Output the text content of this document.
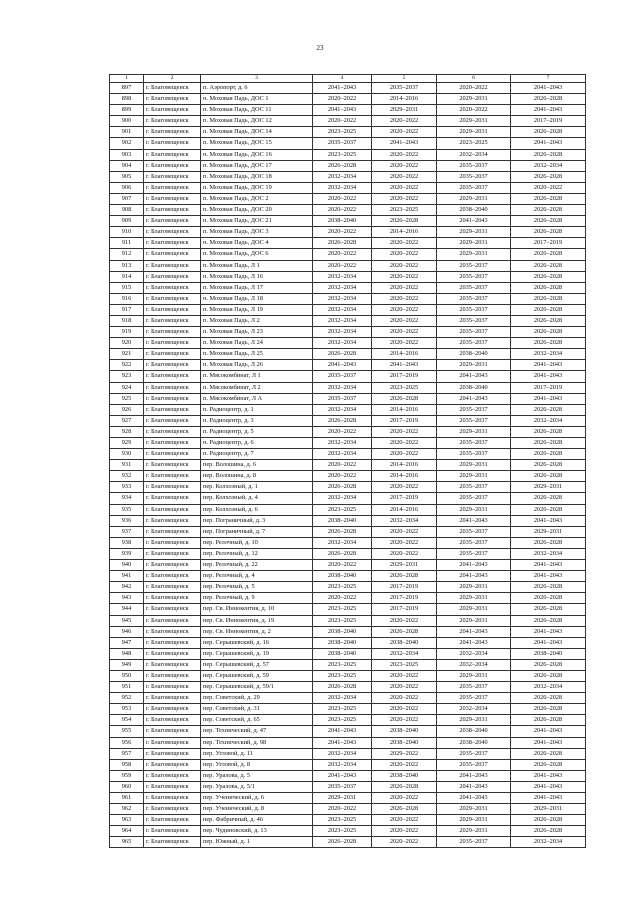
23
1	2	3	4	5	6	7
897	г. Благовещенск	п. Аэропорт, д. 6	2041–2043	2035–2037	2020–2022	2041–2043
898	г. Благовещенск	п. Моховая Падь, ДОС 1	2020–2022	2014–2016	2029–2031	2026–2028
899	г. Благовещенск	п. Моховая Падь, ДОС 11	2041–2043	2029–2031	2020–2022	2041–2043
900	г. Благовещенск	п. Моховая Падь, ДОС 12	2020–2022	2020–2022	2029–2031	2017–2019
901	г. Благовещенск	п. Моховая Падь, ДОС 14	2023–2025	2020–2022	2029–2031	2026–2028
902	г. Благовещенск	п. Моховая Падь, ДОС 15	2035–2037	2041–2043	2023–2025	2041–2043
903	г. Благовещенск	п. Моховая Падь, ДОС 16	2023–2025	2020–2022	2032–2034	2026–2028
904	г. Благовещенск	п. Моховая Падь, ДОС 17	2026–2028	2020–2022	2035–2037	2032–2034
905	г. Благовещенск	п. Моховая Падь, ДОС 18	2032–2034	2020–2022	2035–2037	2026–2028
906	г. Благовещенск	п. Моховая Падь, ДОС 19	2032–2034	2020–2022	2035–2037	2020–2022
907	г. Благовещенск	п. Моховая Падь, ДОС 2	2020–2022	2020–2022	2029–2031	2026–2028
908	г. Благовещенск	п. Моховая Падь, ДОС 20	2020–2022	2023–2025	2038–2040	2026–2028
909	г. Благовещенск	п. Моховая Падь, ДОС 21	2038–2040	2026–2028	2041–2043	2026–2028
910	г. Благовещенск	п. Моховая Падь, ДОС 3	2020–2022	2014–2016	2029–2031	2026–2028
911	г. Благовещенск	п. Моховая Падь, ДОС 4	2026–2028	2020–2022	2029–2031	2017–2019
912	г. Благовещенск	п. Моховая Падь, ДОС 6	2020–2022	2020–2022	2029–2031	2026–2028
913	г. Благовещенск	п. Моховая Падь, Л 1	2020–2022	2020–2022	2035–2037	2026–2028
914	г. Благовещенск	п. Моховая Падь, Л 16	2032–2034	2020–2022	2035–2037	2026–2028
915	г. Благовещенск	п. Моховая Падь, Л 17	2032–2034	2020–2022	2035–2037	2026–2028
916	г. Благовещенск	п. Моховая Падь, Л 18	2032–2034	2020–2022	2035–2037	2026–2028
917	г. Благовещенск	п. Моховая Падь, Л 19	2032–2034	2020–2022	2035–2037	2026–2028
918	г. Благовещенск	п. Моховая Падь, Л 2	2032–2034	2020–2022	2035–2037	2026–2028
919	г. Благовещенск	п. Моховая Падь, Л 23	2032–2034	2020–2022	2035–2037	2026–2028
920	г. Благовещенск	п. Моховая Падь, Л 24	2032–2034	2020–2022	2035–2037	2026–2028
921	г. Благовещенск	п. Моховая Падь, Л 25	2026–2028	2014–2016	2038–2040	2032–2034
922	г. Благовещенск	п. Моховая Падь, Л 26	2041–2043	2041–2043	2029–2031	2041–2043
923	г. Благовещенск	п. Мясокомбинат, Л 1	2035–2037	2017–2019	2041–2043	2041–2043
924	г. Благовещенск	п. Мясокомбинат, Л 2	2032–2034	2023–2025	2038–2040	2017–2019
925	г. Благовещенск	п. Мясокомбинат, Л А	2035–2037	2026–2028	2041–2043	2041–2043
926	г. Благовещенск	п. Радиоцентр, д. 1	2032–2034	2014–2016	2035–2037	2026–2028
927	г. Благовещенск	п. Радиоцентр, д. 3	2026–2028	2017–2019	2035–2037	2032–2034
928	г. Благовещенск	п. Радиоцентр, д. 5	2020–2022	2020–2022	2029–2031	2026–2028
929	г. Благовещенск	п. Радиоцентр, д. 6	2032–2034	2020–2022	2035–2037	2026–2028
930	г. Благовещенск	п. Радиоцентр, д. 7	2032–2034	2020–2022	2035–2037	2026–2028
931	г. Благовещенск	пер. Волошина, д. 6	2020–2022	2014–2016	2029–2031	2026–2028
932	г. Благовещенск	пер. Волошина, д. 8	2020–2022	2014–2016	2029–2031	2026–2028
933	г. Благовещенск	пер. Колхозный, д. 1	2026–2028	2020–2022	2035–2037	2029–2031
934	г. Благовещенск	пер. Колхозный, д. 4	2032–2034	2017–2019	2035–2037	2026–2028
935	г. Благовещенск	пер. Колхозный, д. 6	2023–2025	2014–2016	2029–2031	2026–2028
936	г. Благовещенск	пер. Пограничный, д. 3	2038–2040	2032–2034	2041–2043	2041–2043
937	г. Благовещенск	пер. Пограничный, д. 7	2026–2028	2020–2022	2035–2037	2029–2031
938	г. Благовещенск	пер. Релочный, д. 10	2032–2034	2020–2022	2035–2037	2026–2028
939	г. Благовещенск	пер. Релочный, д. 12	2026–2028	2020–2022	2035–2037	2032–2034
940	г. Благовещенск	пер. Релочный, д. 22	2020–2022	2029–2031	2041–2043	2041–2043
941	г. Благовещенск	пер. Релочный, д. 4	2038–2040	2026–2028	2041–2043	2041–2043
942	г. Благовещенск	пер. Релочный, д. 5	2023–2025	2017–2019	2029–2031	2026–2028
943	г. Благовещенск	пер. Релочный, д. 9	2020–2022	2017–2019	2029–2031	2026–2028
944	г. Благовещенск	пер. Св. Иннокентия, д. 10	2023–2025	2017–2019	2029–2031	2026–2028
945	г. Благовещенск	пер. Св. Иннокентия, д. 19	2023–2025	2020–2022	2029–2031	2026–2028
946	г. Благовещенск	пер. Св. Иннокентия, д. 2	2038–2040	2026–2028	2041–2043	2041–2043
947	г. Благовещенск	пер. Серышевский, д. 16	2038–2040	2038–2040	2041–2043	2041–2043
948	г. Благовещенск	пер. Серышевский, д. 19	2038–2040	2032–2034	2032–2034	2038–2040
949	г. Благовещенск	пер. Серышевский, д. 57	2023–2025	2023–2025	2032–2034	2026–2028
950	г. Благовещенск	пер. Серышевский, д. 59	2023–2025	2020–2022	2029–2031	2026–2028
951	г. Благовещенск	пер. Серышевский, д. 59/1	2026–2028	2020–2022	2035–2037	2032–2034
952	г. Благовещенск	пер. Советский, д. 29	2032–2034	2020–2022	2035–2037	2026–2028
953	г. Благовещенск	пер. Советский, д. 31	2023–2025	2020–2022	2032–2034	2026–2028
954	г. Благовещенск	пер. Советский, д. 65	2023–2025	2020–2022	2029–2031	2026–2028
955	г. Благовещенск	пер. Технический, д. 47	2041–2043	2038–2040	2038–2040	2041–2043
956	г. Благовещенск	пер. Технический, д. 98	2041–2043	2038–2040	2038–2040	2041–2043
957	г. Благовещенск	пер. Угловой, д. 11	2032–2034	2029–2022	2035–2037	2026–2028
958	г. Благовещенск	пер. Угловой, д. 8	2032–2034	2020–2022	2035–2037	2026–2028
959	г. Благовещенск	пер. Уралова, д. 5	2041–2043	2038–2040	2041–2043	2041–2043
960	г. Благовещенск	пер. Уралова, д. 5/1	2035–2037	2026–2028	2041–2043	2041–2043
961	г. Благовещенск	пер. Ученический, д. 6	2029–2031	2020–2022	2041–2043	2041–2043
962	г. Благовещенск	пер. Ученический, д. 8	2020–2022	2026–2028	2029–2031	2029–2031
963	г. Благовещенск	пер. Фабричный, д. 46	2023–2025	2020–2022	2029–2031	2026–2028
964	г. Благовещенск	пер. Чудиновский, д. 13	2023–2025	2020–2022	2029–2031	2026–2028
965	г. Благовещенск	пер. Южный, д. 1	2026–2028	2020–2022	2035–2037	2032–2034
